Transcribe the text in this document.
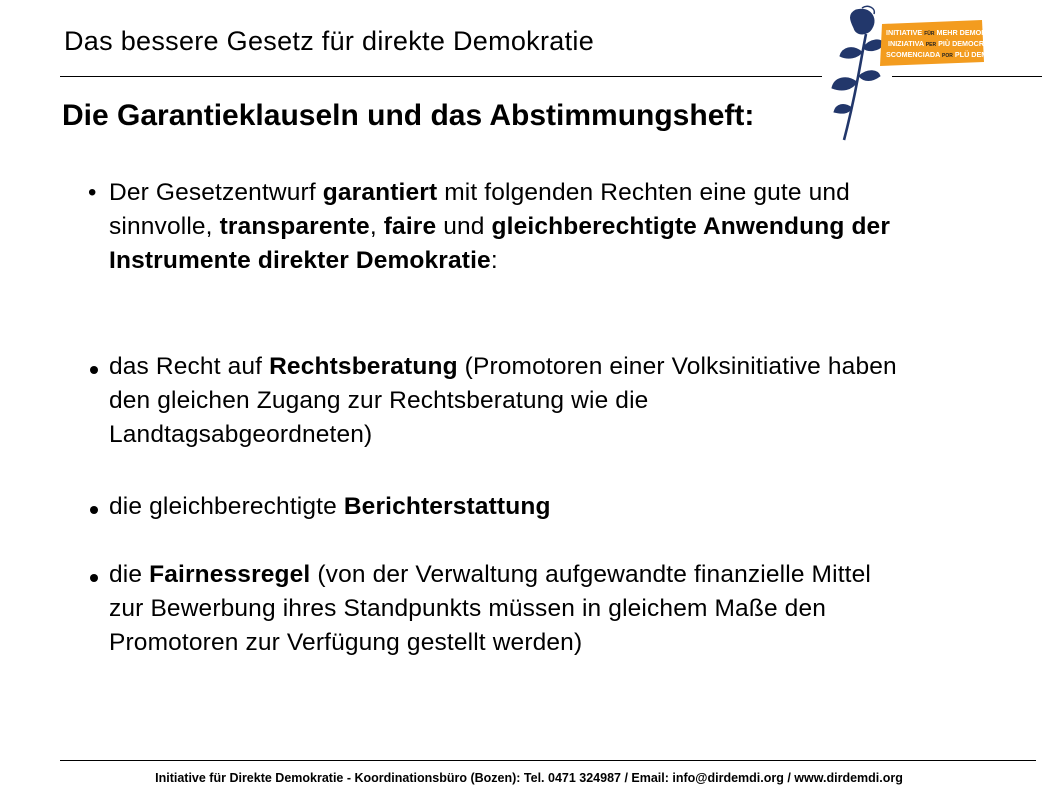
Das bessere Gesetz für direkte Demokratie	INITIATIVE FÜR MEHR DEMOKRATIE
INIZIATIVA PER PIÙ DEMOCRAZIA
SCOMENCIADA POR PLÜ DEMOCRAZIA
Die Garantieklauseln und das Abstimmungsheft:
• Der Gesetzentwurf garantiert mit folgenden Rechten eine gute und sinnvolle, transparente, faire und gleichberechtigte Anwendung der Instrumente direkter Demokratie:
das Recht auf Rechtsberatung (Promotoren einer Volksinitiative haben den gleichen Zugang zur Rechtsberatung wie die Landtagsabgeordneten)
die gleichberechtigte Berichterstattung
die Fairnessregel (von der Verwaltung aufgewandte finanzielle Mittel zur Bewerbung ihres Standpunkts müssen in gleichem Maße den Promotoren zur Verfügung gestellt werden)
Initiative für Direkte Demokratie - Koordinationsbüro (Bozen): Tel. 0471 324987 / Email: info@dirdemdi.org / www.dirdemdi.org
